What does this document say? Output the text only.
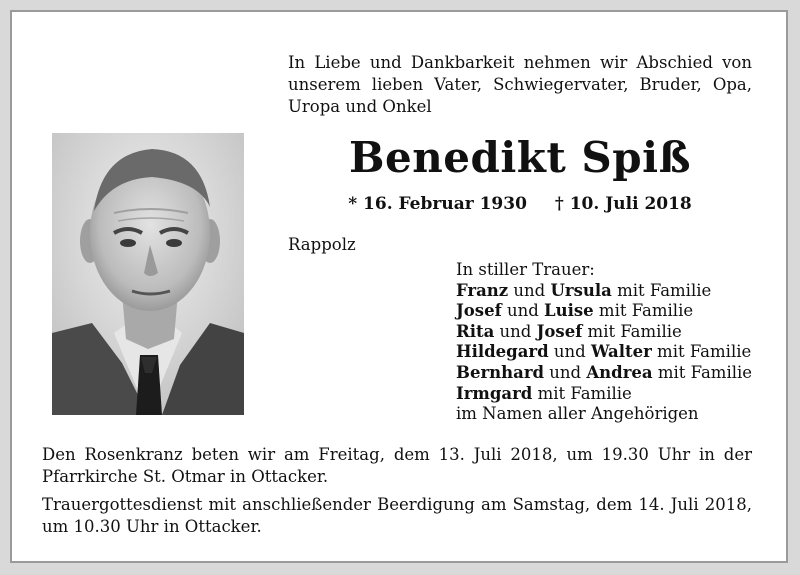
In Liebe und Dankbarkeit nehmen wir Abschied von unserem lieben Vater, Schwiegervater, Bruder, Opa, Uropa und Onkel
Benedikt Spiß
* 16. Februar 1930 † 10. Juli 2018
Rappolz
In stiller Trauer:
Franz und Ursula mit Familie
Josef und Luise mit Familie
Rita und Josef mit Familie
Hildegard und Walter mit Familie
Bernhard und Andrea mit Familie
Irmgard mit Familie
im Namen aller Angehörigen

Den Rosenkranz beten wir am Freitag, dem 13. Juli 2018, um 19.30 Uhr in der Pfarrkirche St. Otmar in Ottacker.

Trauergottesdienst mit anschließender Beerdigung am Samstag, dem 14. Juli 2018, um 10.30 Uhr in Ottacker.
